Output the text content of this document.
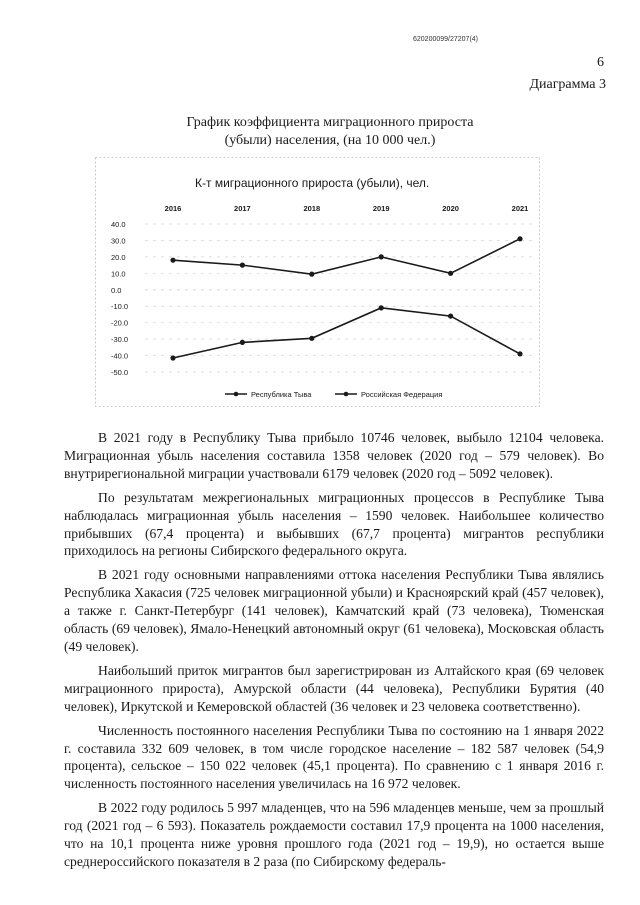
620200099/27207(4)
6
Диаграмма 3
График коэффициента миграционного прироста
(убыли) населения, (на 10 000 чел.)
К-т миграционного прироста (убыли), чел.
40.0
30.0
20.0
10.0
0.0
-10.0
-20.0
-30.0
-40.0
-50.0
2016	2017	2018	2019	2020	2021
Республика Тыва	Российская Федерация

В 2021 году в Республику Тыва прибыло 10746 человек, выбыло 12104 человека. Миграционная убыль населения составила 1358 человек (2020 год – 579 человек). Во внутрирегиональной миграции участвовали 6179 человек (2020 год – 5092 человек).

По результатам межрегиональных миграционных процессов в Республике Тыва наблюдалась миграционная убыль населения – 1590 человек. Наибольшее количество прибывших (67,4 процента) и выбывших (67,7 процента) мигрантов республики приходилось на регионы Сибирского федерального округа.

В 2021 году основными направлениями оттока населения Республики Тыва являлись Республика Хакасия (725 человек миграционной убыли) и Красноярский край (457 человек), а также г. Санкт-Петербург (141 человек), Камчатский край (73 человека), Тюменская область (69 человек), Ямало-Ненецкий автономный округ (61 человека), Московская область (49 человек).

Наибольший приток мигрантов был зарегистрирован из Алтайского края (69 человек миграционного прироста), Амурской области (44 человека), Республики Бурятия (40 человек), Иркутской и Кемеровской областей (36 человек и 23 человека соответственно).

Численность постоянного населения Республики Тыва по состоянию на 1 января 2022 г. составила 332 609 человек, в том числе городское население – 182 587 человек (54,9 процента), сельское – 150 022 человек (45,1 процента). По сравнению с 1 января 2016 г. численность постоянного населения увеличилась на 16 972 человек.

В 2022 году родилось 5 997 младенцев, что на 596 младенцев меньше, чем за прошлый год (2021 год – 6 593). Показатель рождаемости составил 17,9 процента на 1000 населения, что на 10,1 процента ниже уровня прошлого года (2021 год – 19,9), но остается выше среднероссийского показателя в 2 раза (по Сибирскому федераль-
